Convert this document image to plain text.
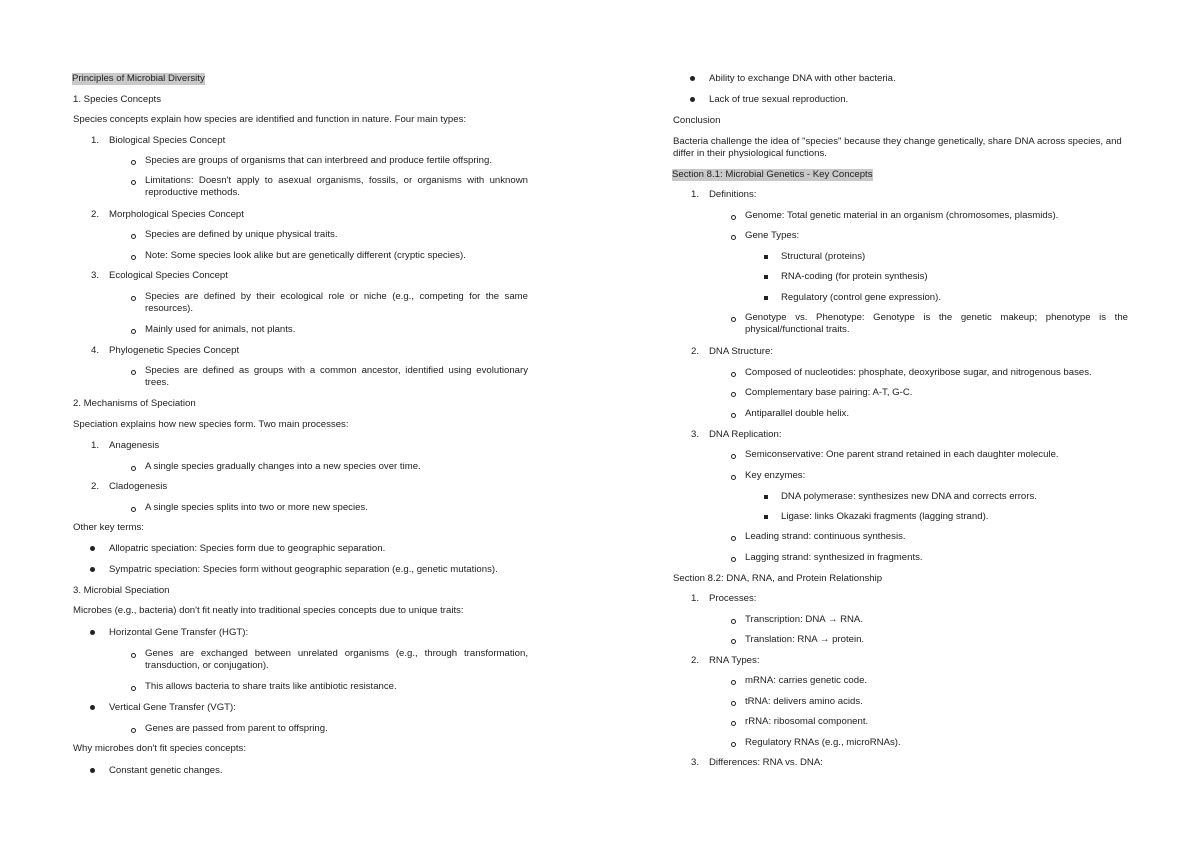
Principles of Microbial Diversity
1. Species Concepts
Species concepts explain how species are identified and function in nature. Four main types:
1. Biological Species Concept
Species are groups of organisms that can interbreed and produce fertile offspring.
Limitations: Doesn't apply to asexual organisms, fossils, or organisms with unknown reproductive methods.
2. Morphological Species Concept
Species are defined by unique physical traits.
Note: Some species look alike but are genetically different (cryptic species).
3. Ecological Species Concept
Species are defined by their ecological role or niche (e.g., competing for the same resources).
Mainly used for animals, not plants.
4. Phylogenetic Species Concept
Species are defined as groups with a common ancestor, identified using evolutionary trees.
2. Mechanisms of Speciation
Speciation explains how new species form. Two main processes:
1. Anagenesis
A single species gradually changes into a new species over time.
2. Cladogenesis
A single species splits into two or more new species.
Other key terms:
Allopatric speciation: Species form due to geographic separation.
Sympatric speciation: Species form without geographic separation (e.g., genetic mutations).
3. Microbial Speciation
Microbes (e.g., bacteria) don't fit neatly into traditional species concepts due to unique traits:
Horizontal Gene Transfer (HGT):
Genes are exchanged between unrelated organisms (e.g., through transformation, transduction, or conjugation).
This allows bacteria to share traits like antibiotic resistance.
Vertical Gene Transfer (VGT):
Genes are passed from parent to offspring.
Why microbes don't fit species concepts:
Constant genetic changes.
Ability to exchange DNA with other bacteria.
Lack of true sexual reproduction.
Conclusion
Bacteria challenge the idea of "species" because they change genetically, share DNA across species, and differ in their physiological functions.
Section 8.1: Microbial Genetics - Key Concepts
1. Definitions:
Genome: Total genetic material in an organism (chromosomes, plasmids).
Gene Types:
Structural (proteins)
RNA-coding (for protein synthesis)
Regulatory (control gene expression).
Genotype vs. Phenotype: Genotype is the genetic makeup; phenotype is the physical/functional traits.
2. DNA Structure:
Composed of nucleotides: phosphate, deoxyribose sugar, and nitrogenous bases.
Complementary base pairing: A-T, G-C.
Antiparallel double helix.
3. DNA Replication:
Semiconservative: One parent strand retained in each daughter molecule.
Key enzymes:
DNA polymerase: synthesizes new DNA and corrects errors.
Ligase: links Okazaki fragments (lagging strand).
Leading strand: continuous synthesis.
Lagging strand: synthesized in fragments.
Section 8.2: DNA, RNA, and Protein Relationship
1. Processes:
Transcription: DNA → RNA.
Translation: RNA → protein.
2. RNA Types:
mRNA: carries genetic code.
tRNA: delivers amino acids.
rRNA: ribosomal component.
Regulatory RNAs (e.g., microRNAs).
3. Differences: RNA vs. DNA:
